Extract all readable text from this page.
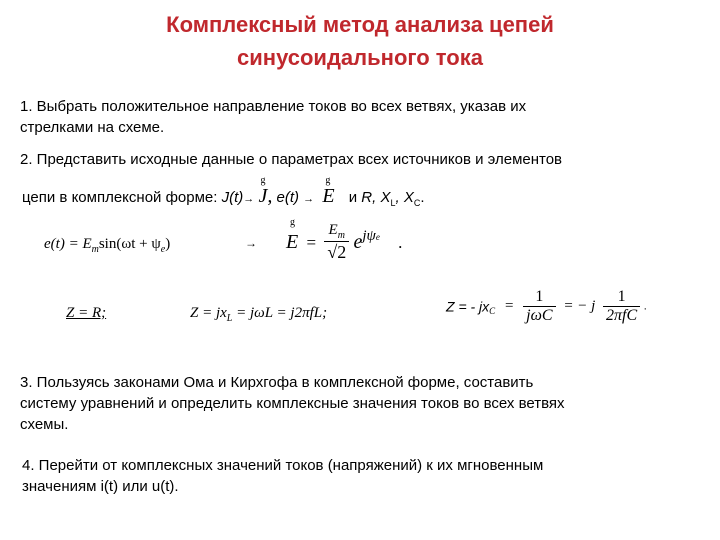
Комплексный метод анализа цепей
синусоидального тока
1. Выбрать положительное направление токов во всех ветвях, указав их
стрелками на схеме.
2. Представить исходные данные о параметрах всех источников и элементов
цепи в комплексной форме: J(t)→
g
J, e(t) →
g
E и R, $X_L$, $X_C$.
$e(t) = E_m\sin(\omega t + \psi_e)$	→
g
$E = \frac{E_m}{√2} e^{j\psi e}$ .
Z = R;	$Z = jx_L = j\omega L = j2\pi fL$;	Z = - $jx_C = \frac{1}{\text{jωC}}$ = − j $\frac{1}{\text{2πfC}}$ .
3. Пользуясь законами Ома и Кирхгофа в комплексной форме, составить
систему уравнений и определить комплексные значения токов во всех ветвях
схемы.
4. Перейти от комплексных значений токов (напряжений) к их мгновенным
значениям i(t) или u(t).
